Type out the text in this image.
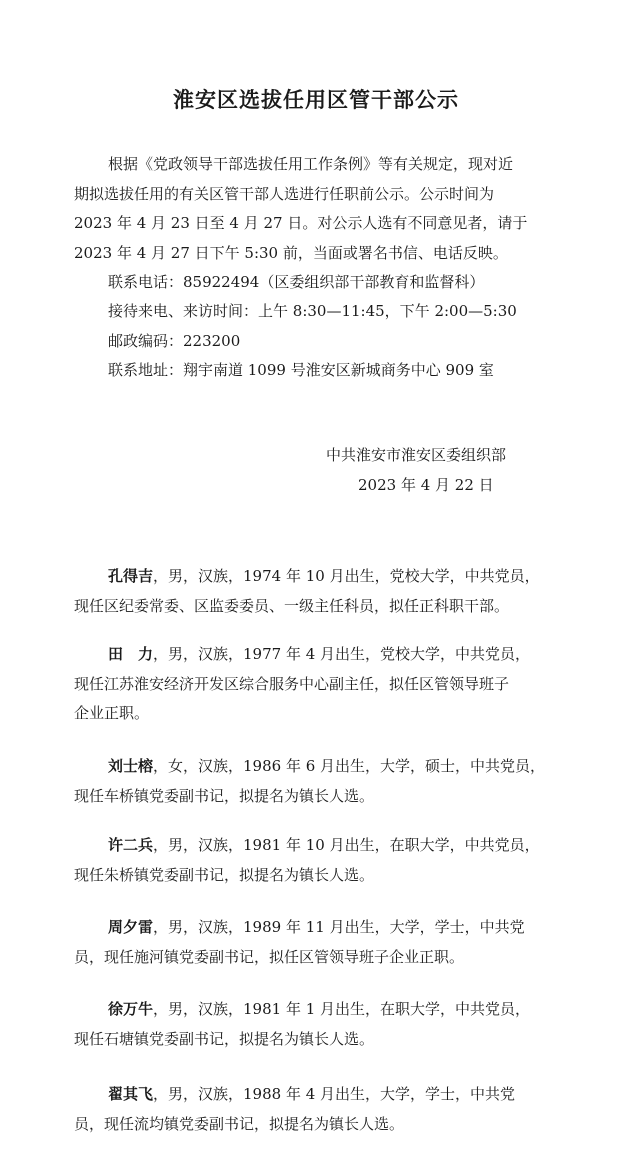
淮安区选拔任用区管干部公示
根据《党政领导干部选拔任用工作条例》等有关规定，现对近
期拟选拔任用的有关区管干部人选进行任职前公示。公示时间为
2023 年 4 月 23 日至 4 月 27 日。对公示人选有不同意见者，请于
2023 年 4 月 27 日下午 5:30 前，当面或署名书信、电话反映。
联系电话：85922494（区委组织部干部教育和监督科）
接待来电、来访时间：上午 8:30—11:45，下午 2:00—5:30
邮政编码：223200
联系地址：翔宇南道 1099 号淮安区新城商务中心 909 室
中共淮安市淮安区委组织部
2023 年 4 月 22 日
孔得吉，男，汉族，1974 年 10 月出生，党校大学，中共党员，
现任区纪委常委、区监委委员、一级主任科员，拟任正科职干部。
田　力，男，汉族，1977 年 4 月出生，党校大学，中共党员，
现任江苏淮安经济开发区综合服务中心副主任，拟任区管领导班子
企业正职。
刘士榕，女，汉族，1986 年 6 月出生，大学，硕士，中共党员，
现任车桥镇党委副书记，拟提名为镇长人选。
许二兵，男，汉族，1981 年 10 月出生，在职大学，中共党员，
现任朱桥镇党委副书记，拟提名为镇长人选。
周夕雷，男，汉族，1989 年 11 月出生，大学，学士，中共党
员，现任施河镇党委副书记，拟任区管领导班子企业正职。
徐万牛，男，汉族，1981 年 1 月出生，在职大学，中共党员，
现任石塘镇党委副书记，拟提名为镇长人选。
翟其飞，男，汉族，1988 年 4 月出生，大学，学士，中共党
员，现任流均镇党委副书记，拟提名为镇长人选。
